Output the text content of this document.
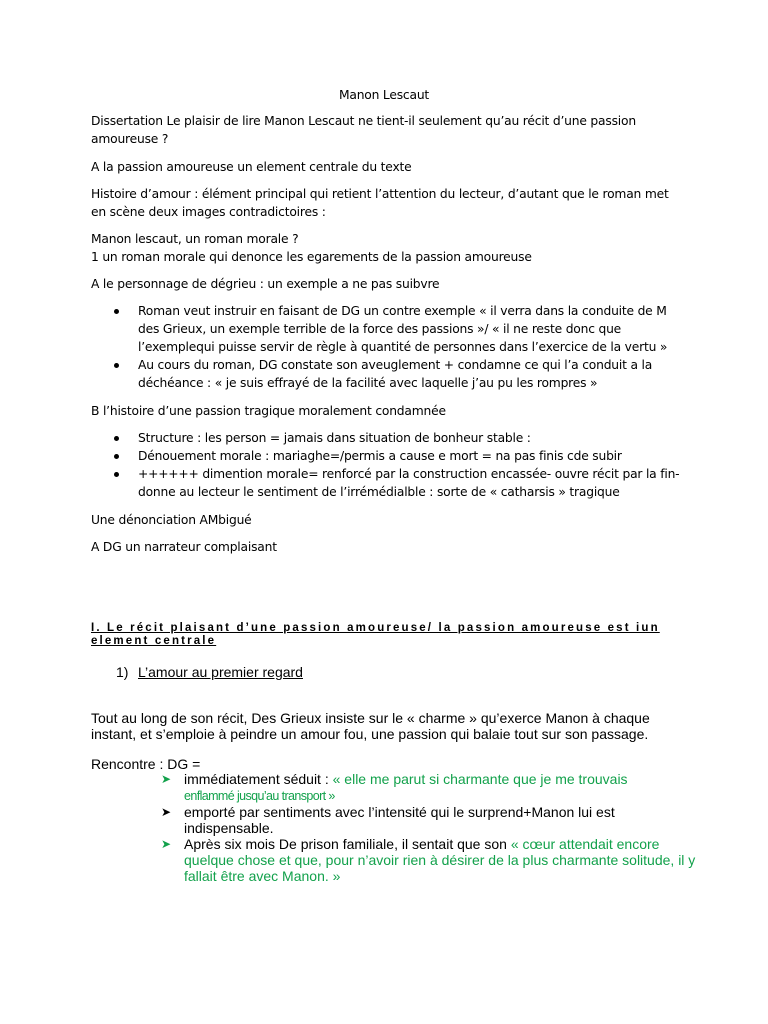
Manon Lescaut

Dissertation Le plaisir de lire Manon Lescaut ne tient-il seulement qu’au récit d’une passion amoureuse ?

A la passion amoureuse un element centrale du texte

Histoire d’amour : élément principal qui retient l’attention du lecteur, d’autant que le roman met en scène deux images contradictoires :

Manon lescaut, un roman morale ?

1 un roman morale qui denonce les egarements de la passion amoureuse

A le personnage de dégrieu : un exemple a ne pas suibvre

Roman veut instruir en faisant de DG un contre exemple « il verra dans la conduite de M des Grieux, un exemple terrible de la force des passions »/ « il ne reste donc que l’exemplequi puisse servir de règle à quantité de personnes dans l’exercice de la vertu »
Au cours du roman, DG constate son aveuglement + condamne ce qui l’a conduit a la déchéance : « je suis effrayé de la facilité avec laquelle j’au pu les rompres »

B l’histoire d’une passion tragique moralement condamnée

Structure : les person = jamais dans situation de bonheur stable :
Dénouement morale : mariaghe=/permis a cause e mort = na pas finis cde subir
++++++ dimention morale= renforcé par la construction encassée- ouvre récit par la fin- donne au lecteur le sentiment de l’irrémédialble : sorte de « catharsis » tragique

Une dénonciation AMbigué

A DG un narrateur complaisant

I. Le récit plaisant d’une passion amoureuse/ la passion amoureuse est iun element centrale

1) L’amour au premier regard

Tout au long de son récit, Des Grieux insiste sur le « charme » qu’exerce Manon à chaque instant, et s’emploie à peindre un amour fou, une passion qui balaie tout sur son passage.

Rencontre : DG =

➤ immédiatement séduit : « elle me parut si charmante que je me trouvais
enflammé jusqu’au transport »
➤ emporté par sentiments avec l’intensité qui le surprend+Manon lui est indispensable.
➤ Après six mois De prison familiale, il sentait que son « cœur attendait encore quelque chose et que, pour n’avoir rien à désirer de la plus charmante solitude, il y fallait être avec Manon. »
